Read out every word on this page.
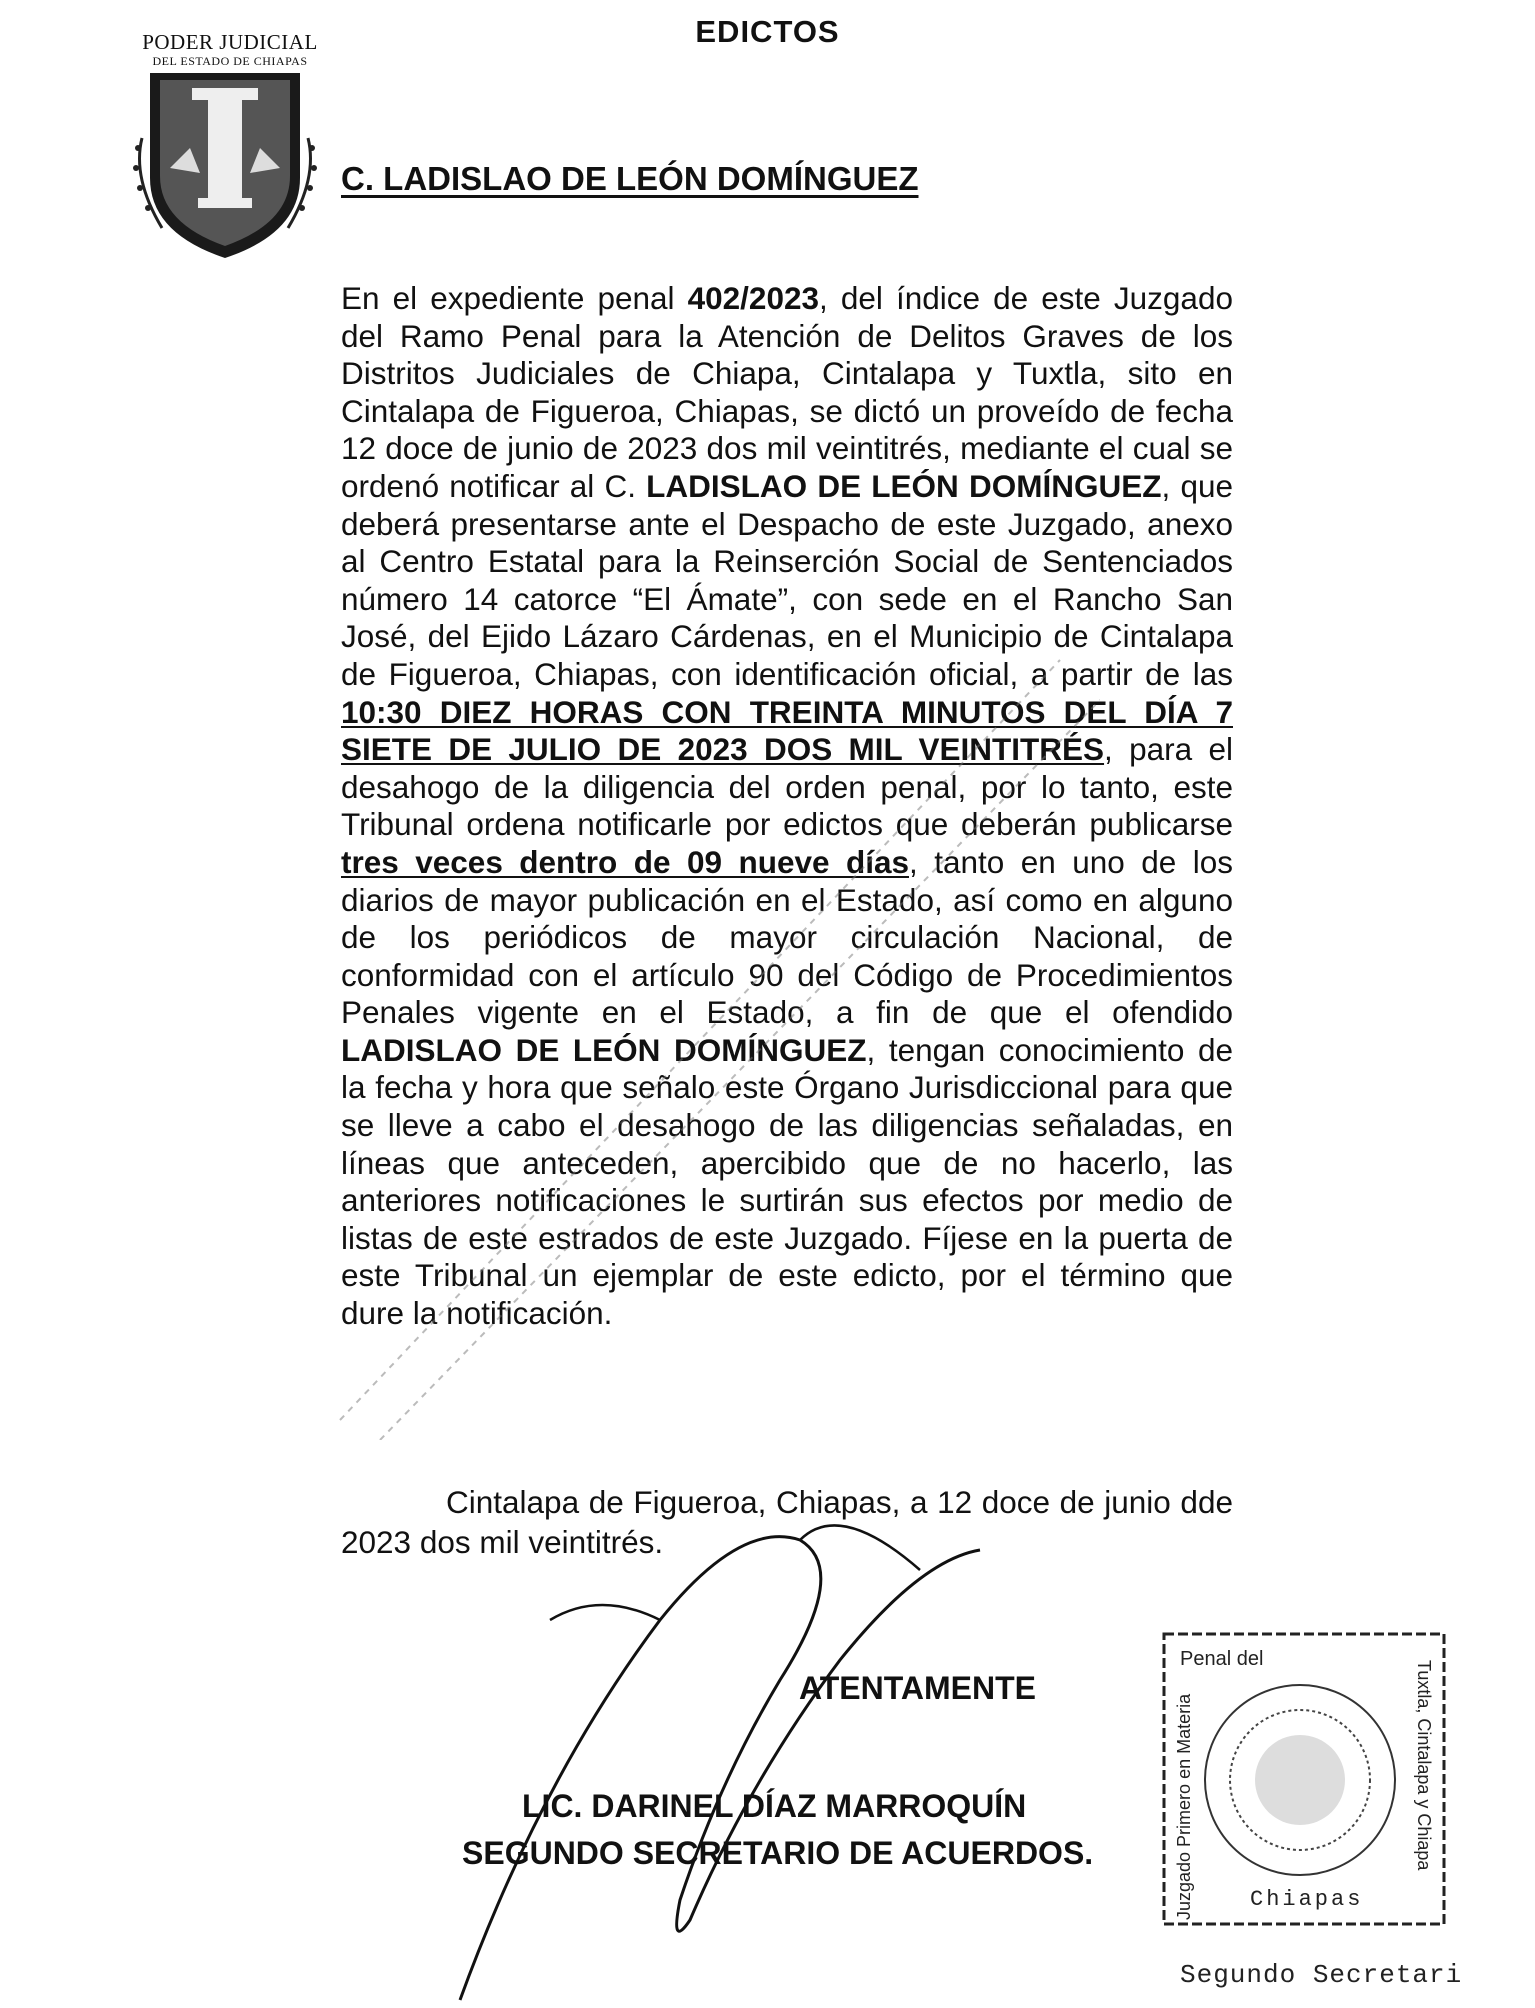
PODER JUDICIAL
DEL ESTADO DE CHIAPAS
EDICTOS
C. LADISLAO DE LEÓN DOMÍNGUEZ
En el expediente penal 402/2023, del índice de este Juzgado del Ramo Penal para la Atención de Delitos Graves de los Distritos Judiciales de Chiapa, Cintalapa y Tuxtla, sito en Cintalapa de Figueroa, Chiapas, se dictó un proveído de fecha 12 doce de junio de 2023 dos mil veintitrés, mediante el cual se ordenó notificar al C. LADISLAO DE LEÓN DOMÍNGUEZ, que deberá presentarse ante el Despacho de este Juzgado, anexo al Centro Estatal para la Reinserción Social de Sentenciados número 14 catorce “El Ámate”, con sede en el Rancho San José, del Ejido Lázaro Cárdenas, en el Municipio de Cintalapa de Figueroa, Chiapas, con identificación oficial, a partir de las 10:30 DIEZ HORAS CON TREINTA MINUTOS DEL DÍA 7 SIETE DE JULIO DE 2023 DOS MIL VEINTITRÉS, para el desahogo de la diligencia del orden penal, por lo tanto, este Tribunal ordena notificarle por edictos que deberán publicarse tres veces dentro de 09 nueve días, tanto en uno de los diarios de mayor publicación en el Estado, así como en alguno de los periódicos de mayor circulación Nacional, de conformidad con el artículo 90 del Código de Procedimientos Penales vigente en el Estado, a fin de que el ofendido LADISLAO DE LEÓN DOMÍNGUEZ, tengan conocimiento de la fecha y hora que señalo este Órgano Jurisdiccional para que se lleve a cabo el desahogo de las diligencias señaladas, en líneas que anteceden, apercibido que de no hacerlo, las anteriores notificaciones le surtirán sus efectos por medio de listas de este estrados de este Juzgado. Fíjese en la puerta de este Tribunal un ejemplar de este edicto, por el término que dure la notificación.
Cintalapa de Figueroa, Chiapas, a 12 doce de junio dde 2023 dos mil veintitrés.
ATENTAMENTE
LIC. DARINEL DÍAZ MARROQUÍN
SEGUNDO SECRETARIO DE ACUERDOS.
Penal del
Juzgado Primero en Materia	Tuxtla, Cintalapa y Chiapa
Chiapas
Segundo Secretari
